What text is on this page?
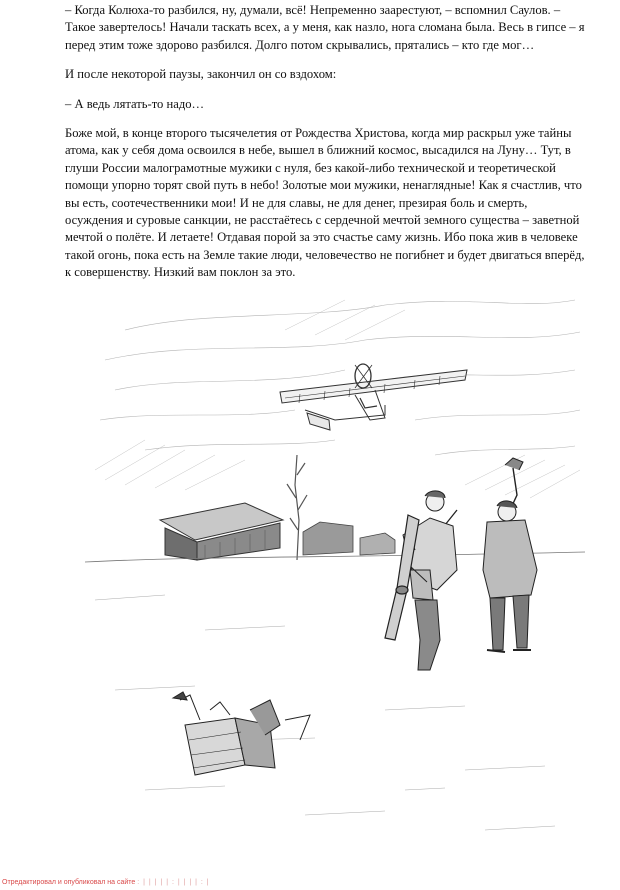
– Когда Колюха-то разбился, ну, думали, всё! Непременно заарестуют, – вспомнил Саулов. – Такое завертелось! Начали таскать всех, а у меня, как назло, нога сломана была. Весь в гипсе – я перед этим тоже здорово разбился. Долго потом скрывались, прятались – кто где мог…

И после некоторой паузы, закончил он со вздохом:

– А ведь лятать-то надо…

Боже мой, в конце второго тысячелетия от Рождества Христова, когда мир раскрыл уже тайны атома, как у себя дома освоился в небе, вышел в ближний космос, высадился на Луну… Тут, в глуши России малограмотные мужики с нуля, без какой-либо технической и теоретической помощи упорно торят свой путь в небо! Золотые мои мужики, ненаглядные! Как я счастлив, что вы есть, соотечественники мои! И не для славы, не для денег, презирая боль и смерть, осуждения и суровые санкции, не расстаётесь с сердечной мечтой земного существа – заветной мечтой о полёте. И летаете! Отдавая порой за это счастье саму жизнь. Ибо пока жив в человеке такой огонь, пока есть на Земле такие люди, человечество не погибнет и будет двигаться вперёд, к совершенству. Низкий вам поклон за это.

Отредактировал и опубликовал на сайте : | | | | | : | | | | : |
